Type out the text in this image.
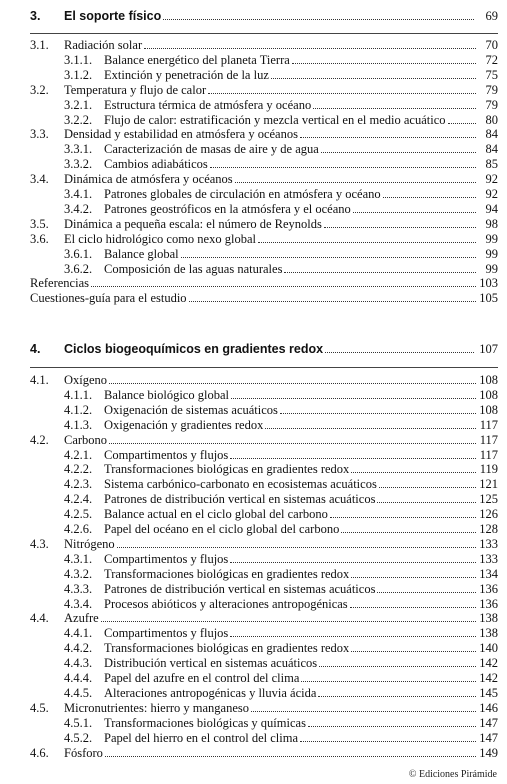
3.	El soporte físico	69
3.1.	Radiación solar	70
3.1.1. Balance energético del planeta Tierra	72
3.1.2. Extinción y penetración de la luz	75
3.2.	Temperatura y flujo de calor	79
3.2.1. Estructura térmica de atmósfera y océano	79
3.2.2. Flujo de calor: estratificación y mezcla vertical en el medio acuático	80
3.3.	Densidad y estabilidad en atmósfera y océanos	84
3.3.1. Caracterización de masas de aire y de agua	84
3.3.2. Cambios adiabáticos	85
3.4.	Dinámica de atmósfera y océanos	92
3.4.1. Patrones globales de circulación en atmósfera y océano	92
3.4.2. Patrones geostróficos en la atmósfera y el océano	94
3.5.	Dinámica a pequeña escala: el número de Reynolds	98
3.6.	El ciclo hidrológico como nexo global	99
3.6.1. Balance global	99
3.6.2. Composición de las aguas naturales	99
Referencias	103
Cuestiones-guía para el estudio	105
4.	Ciclos biogeoquímicos en gradientes redox	107
4.1.	Oxígeno	108
4.1.1. Balance biológico global	108
4.1.2. Oxigenación de sistemas acuáticos	108
4.1.3. Oxigenación y gradientes redox	117
4.2.	Carbono	117
4.2.1. Compartimentos y flujos	117
4.2.2. Transformaciones biológicas en gradientes redox	119
4.2.3. Sistema carbónico-carbonato en ecosistemas acuáticos	121
4.2.4. Patrones de distribución vertical en sistemas acuáticos	125
4.2.5. Balance actual en el ciclo global del carbono	126
4.2.6. Papel del océano en el ciclo global del carbono	128
4.3.	Nitrógeno	133
4.3.1. Compartimentos y flujos	133
4.3.2. Transformaciones biológicas en gradientes redox	134
4.3.3. Patrones de distribución vertical en sistemas acuáticos	136
4.3.4. Procesos abióticos y alteraciones antropogénicas	136
4.4.	Azufre	138
4.4.1. Compartimentos y flujos	138
4.4.2. Transformaciones biológicas en gradientes redox	140
4.4.3. Distribución vertical en sistemas acuáticos	142
4.4.4. Papel del azufre en el control del clima	142
4.4.5. Alteraciones antropogénicas y lluvia ácida	145
4.5.	Micronutrientes: hierro y manganeso	146
4.5.1. Transformaciones biológicas y químicas	147
4.5.2. Papel del hierro en el control del clima	147
4.6.	Fósforo	149
© Ediciones Pirámide
